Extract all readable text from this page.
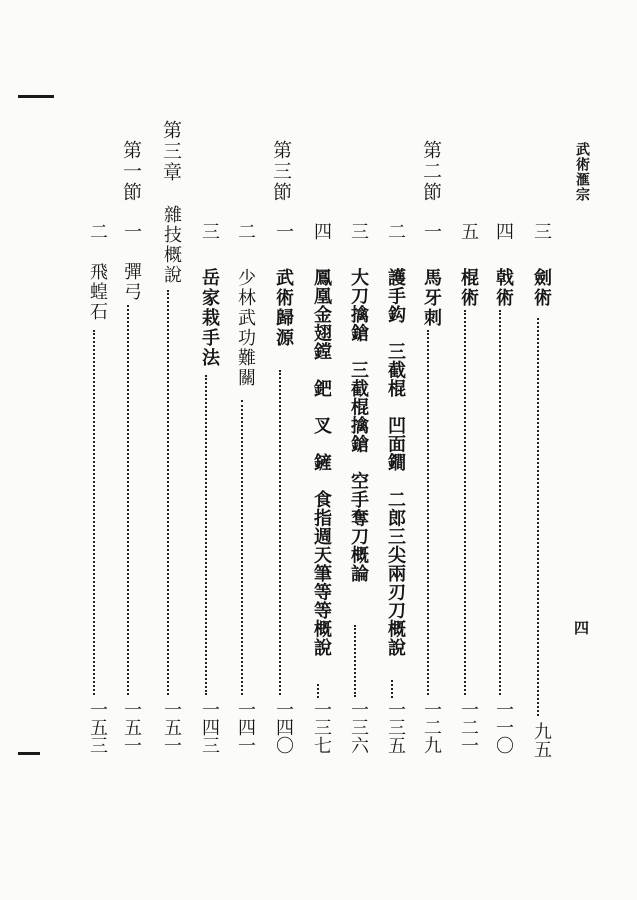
武術滙宗
四
第二節
第三節
第三章
第一節
三
劍術
九五
四
戟術
一一〇
五
棍術
一二一
一
馬牙刺
一二九
二
護手鈎　三截棍　凹面鐧　二郎三尖兩刃刀概說
一三五
三
大刀擒鎗　三截棍擒鎗　空手奪刀概論
一三六
四
鳳凰金翅鏜　鈀　叉　鏟　食指週天筆等等概說
一三七
一
武術歸源
一四〇
二
少林武功難關
一四一
三
岳家栽手法
一四三
雜技概說
一五一
一
彈弓
一五一
二
飛蝗石
一五三
